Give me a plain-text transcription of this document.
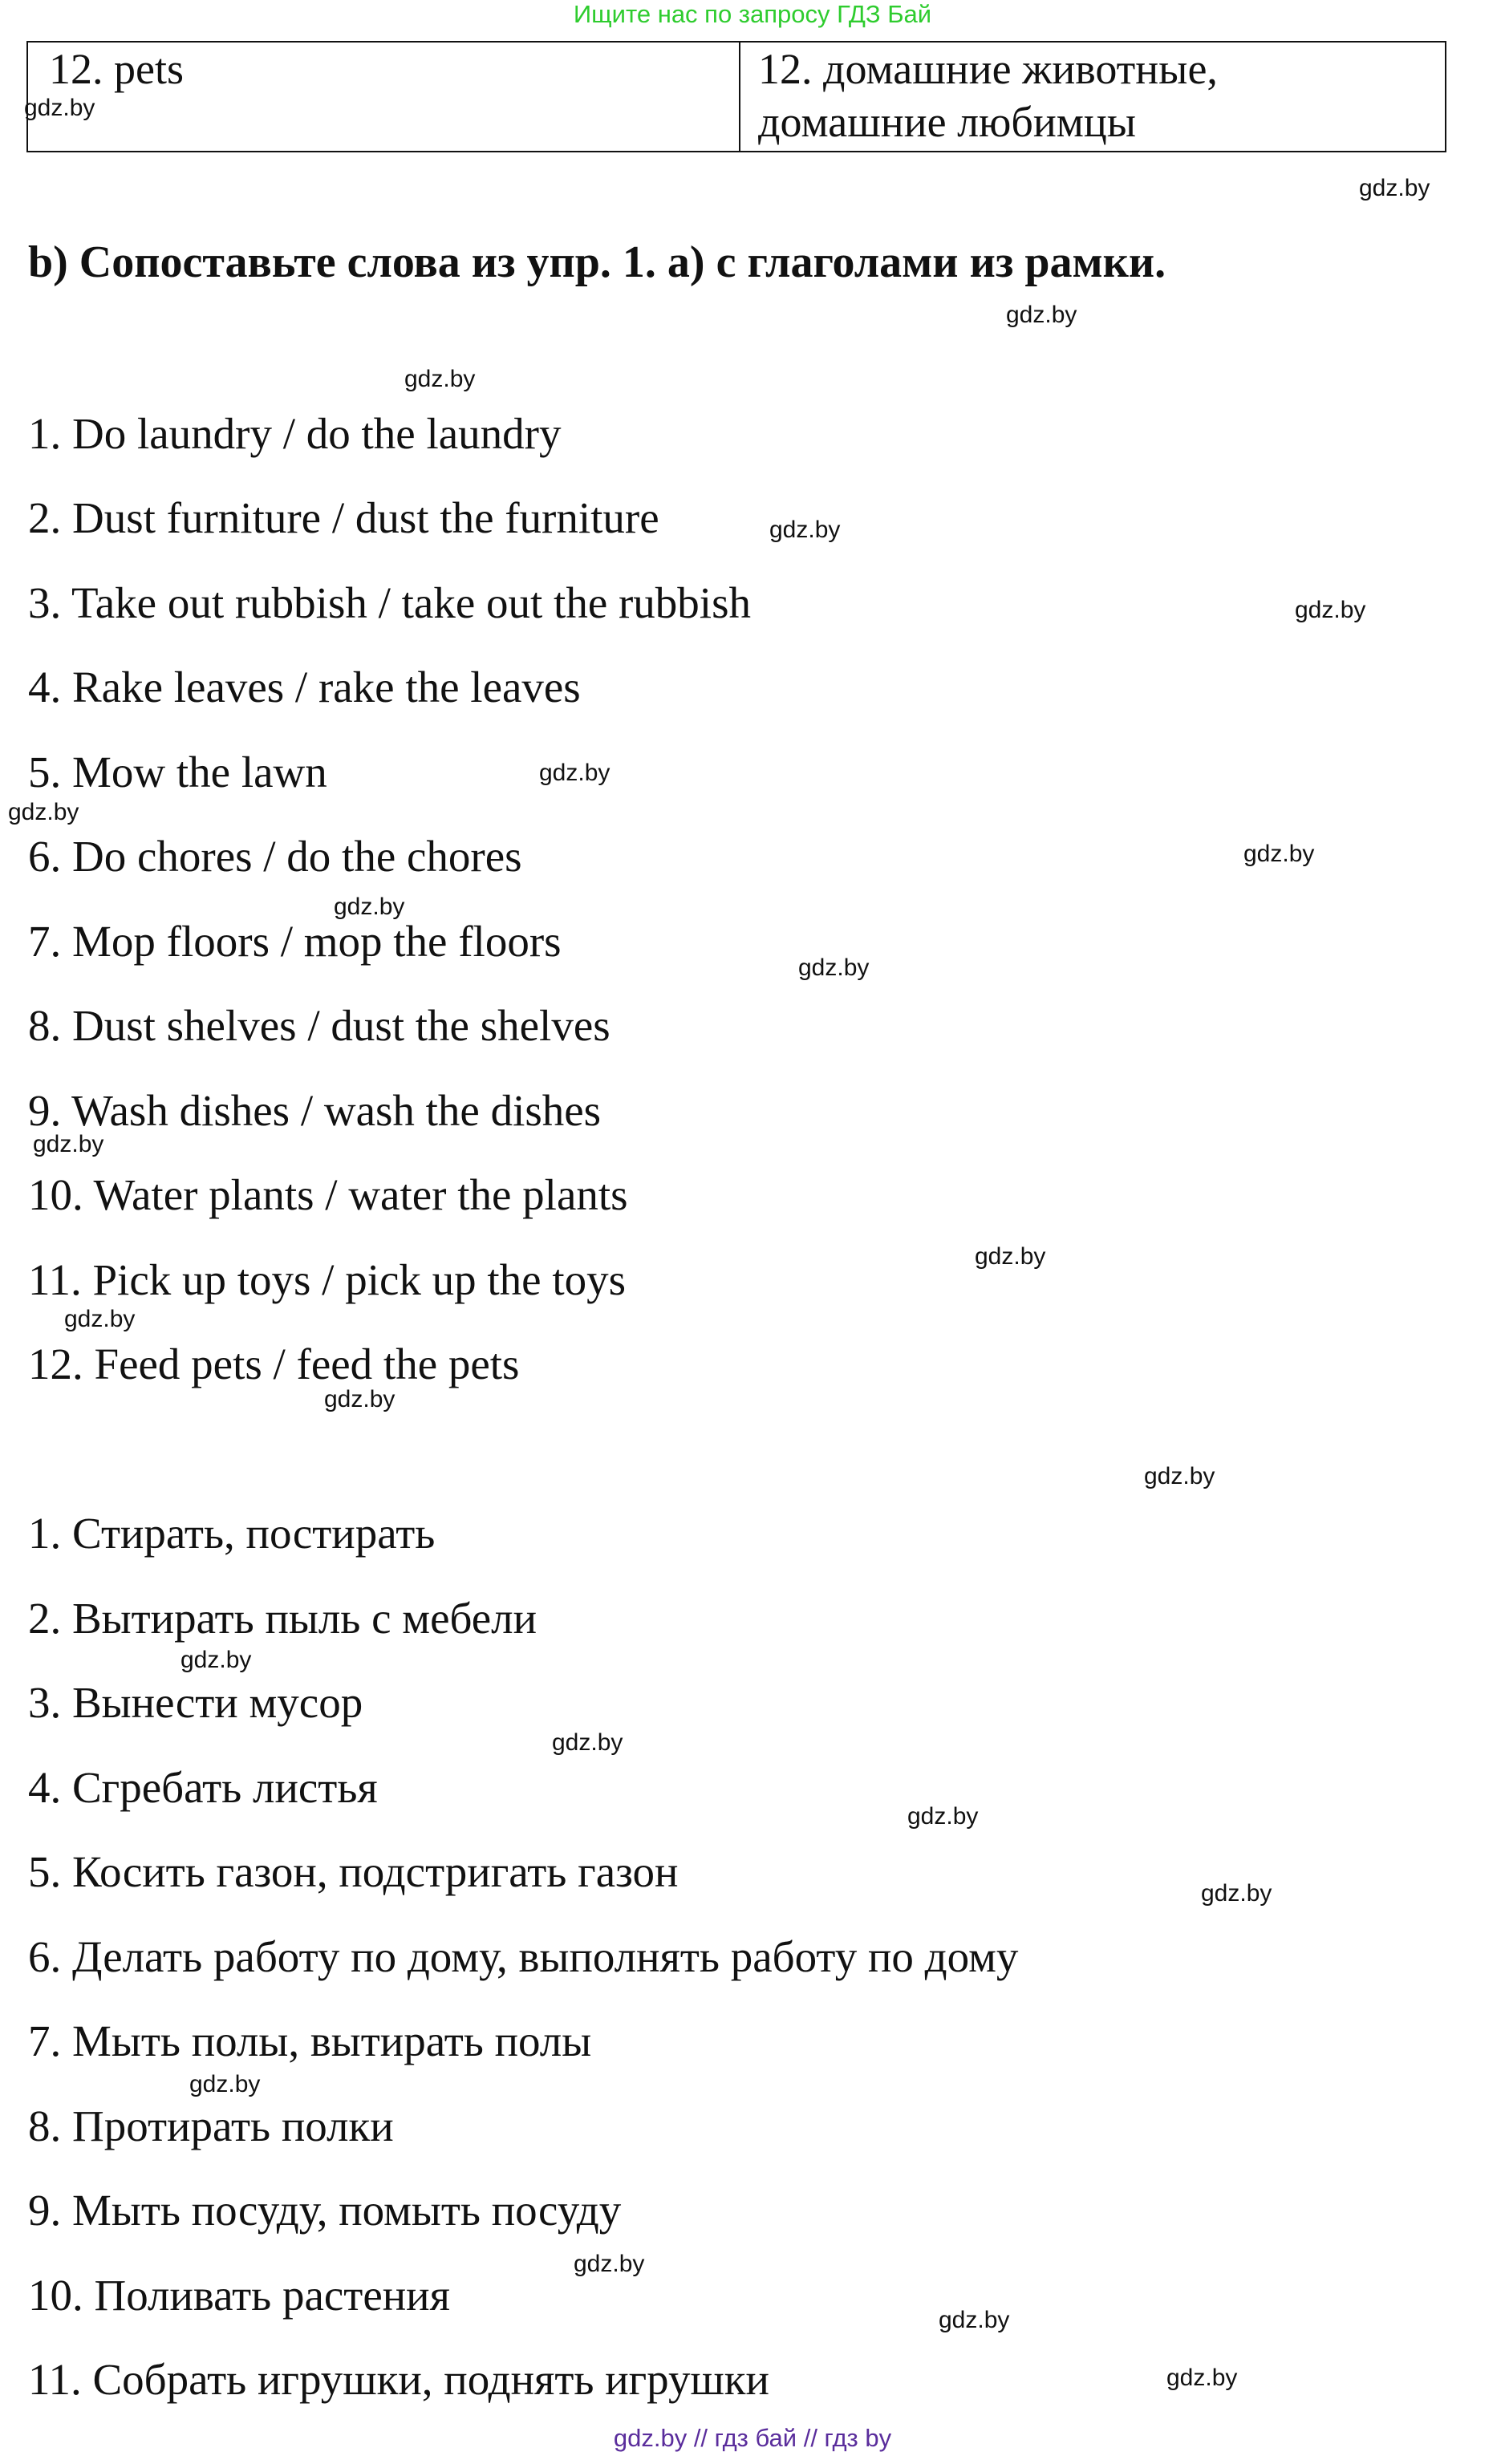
Ищите нас по запросу ГДЗ Бай
12. pets	12. домашние животные,
домашние любимцы
b) Сопоставьте слова из упр. 1. a) с глаголами из рамки.
1. Do laundry / do the laundry
2. Dust furniture / dust the furniture
3. Take out rubbish / take out the rubbish
4. Rake leaves / rake the leaves
5. Mow the lawn
6. Do chores / do the chores
7. Mop floors / mop the floors
8. Dust shelves / dust the shelves
9. Wash dishes / wash the dishes
10. Water plants / water the plants
11. Pick up toys / pick up the toys
12. Feed pets / feed the pets
1. Стирать, постирать
2. Вытирать пыль с мебели
3. Вынести мусор
4. Сгребать листья
5. Косить газон, подстригать газон
6. Делать работу по дому, выполнять работу по дому
7. Мыть полы, вытирать полы
8. Протирать полки
9. Мыть посуду, помыть посуду
10. Поливать растения
11. Собрать игрушки, поднять игрушки
gdz.by
gdz.by
gdz.by
gdz.by
gdz.by
gdz.by
gdz.by
gdz.by
gdz.by
gdz.by
gdz.by
gdz.by
gdz.by
gdz.by
gdz.by
gdz.by
gdz.by
gdz.by
gdz.by
gdz.by
gdz.by
gdz.by
gdz.by
gdz.by
gdz.by // гдз бай // гдз by
